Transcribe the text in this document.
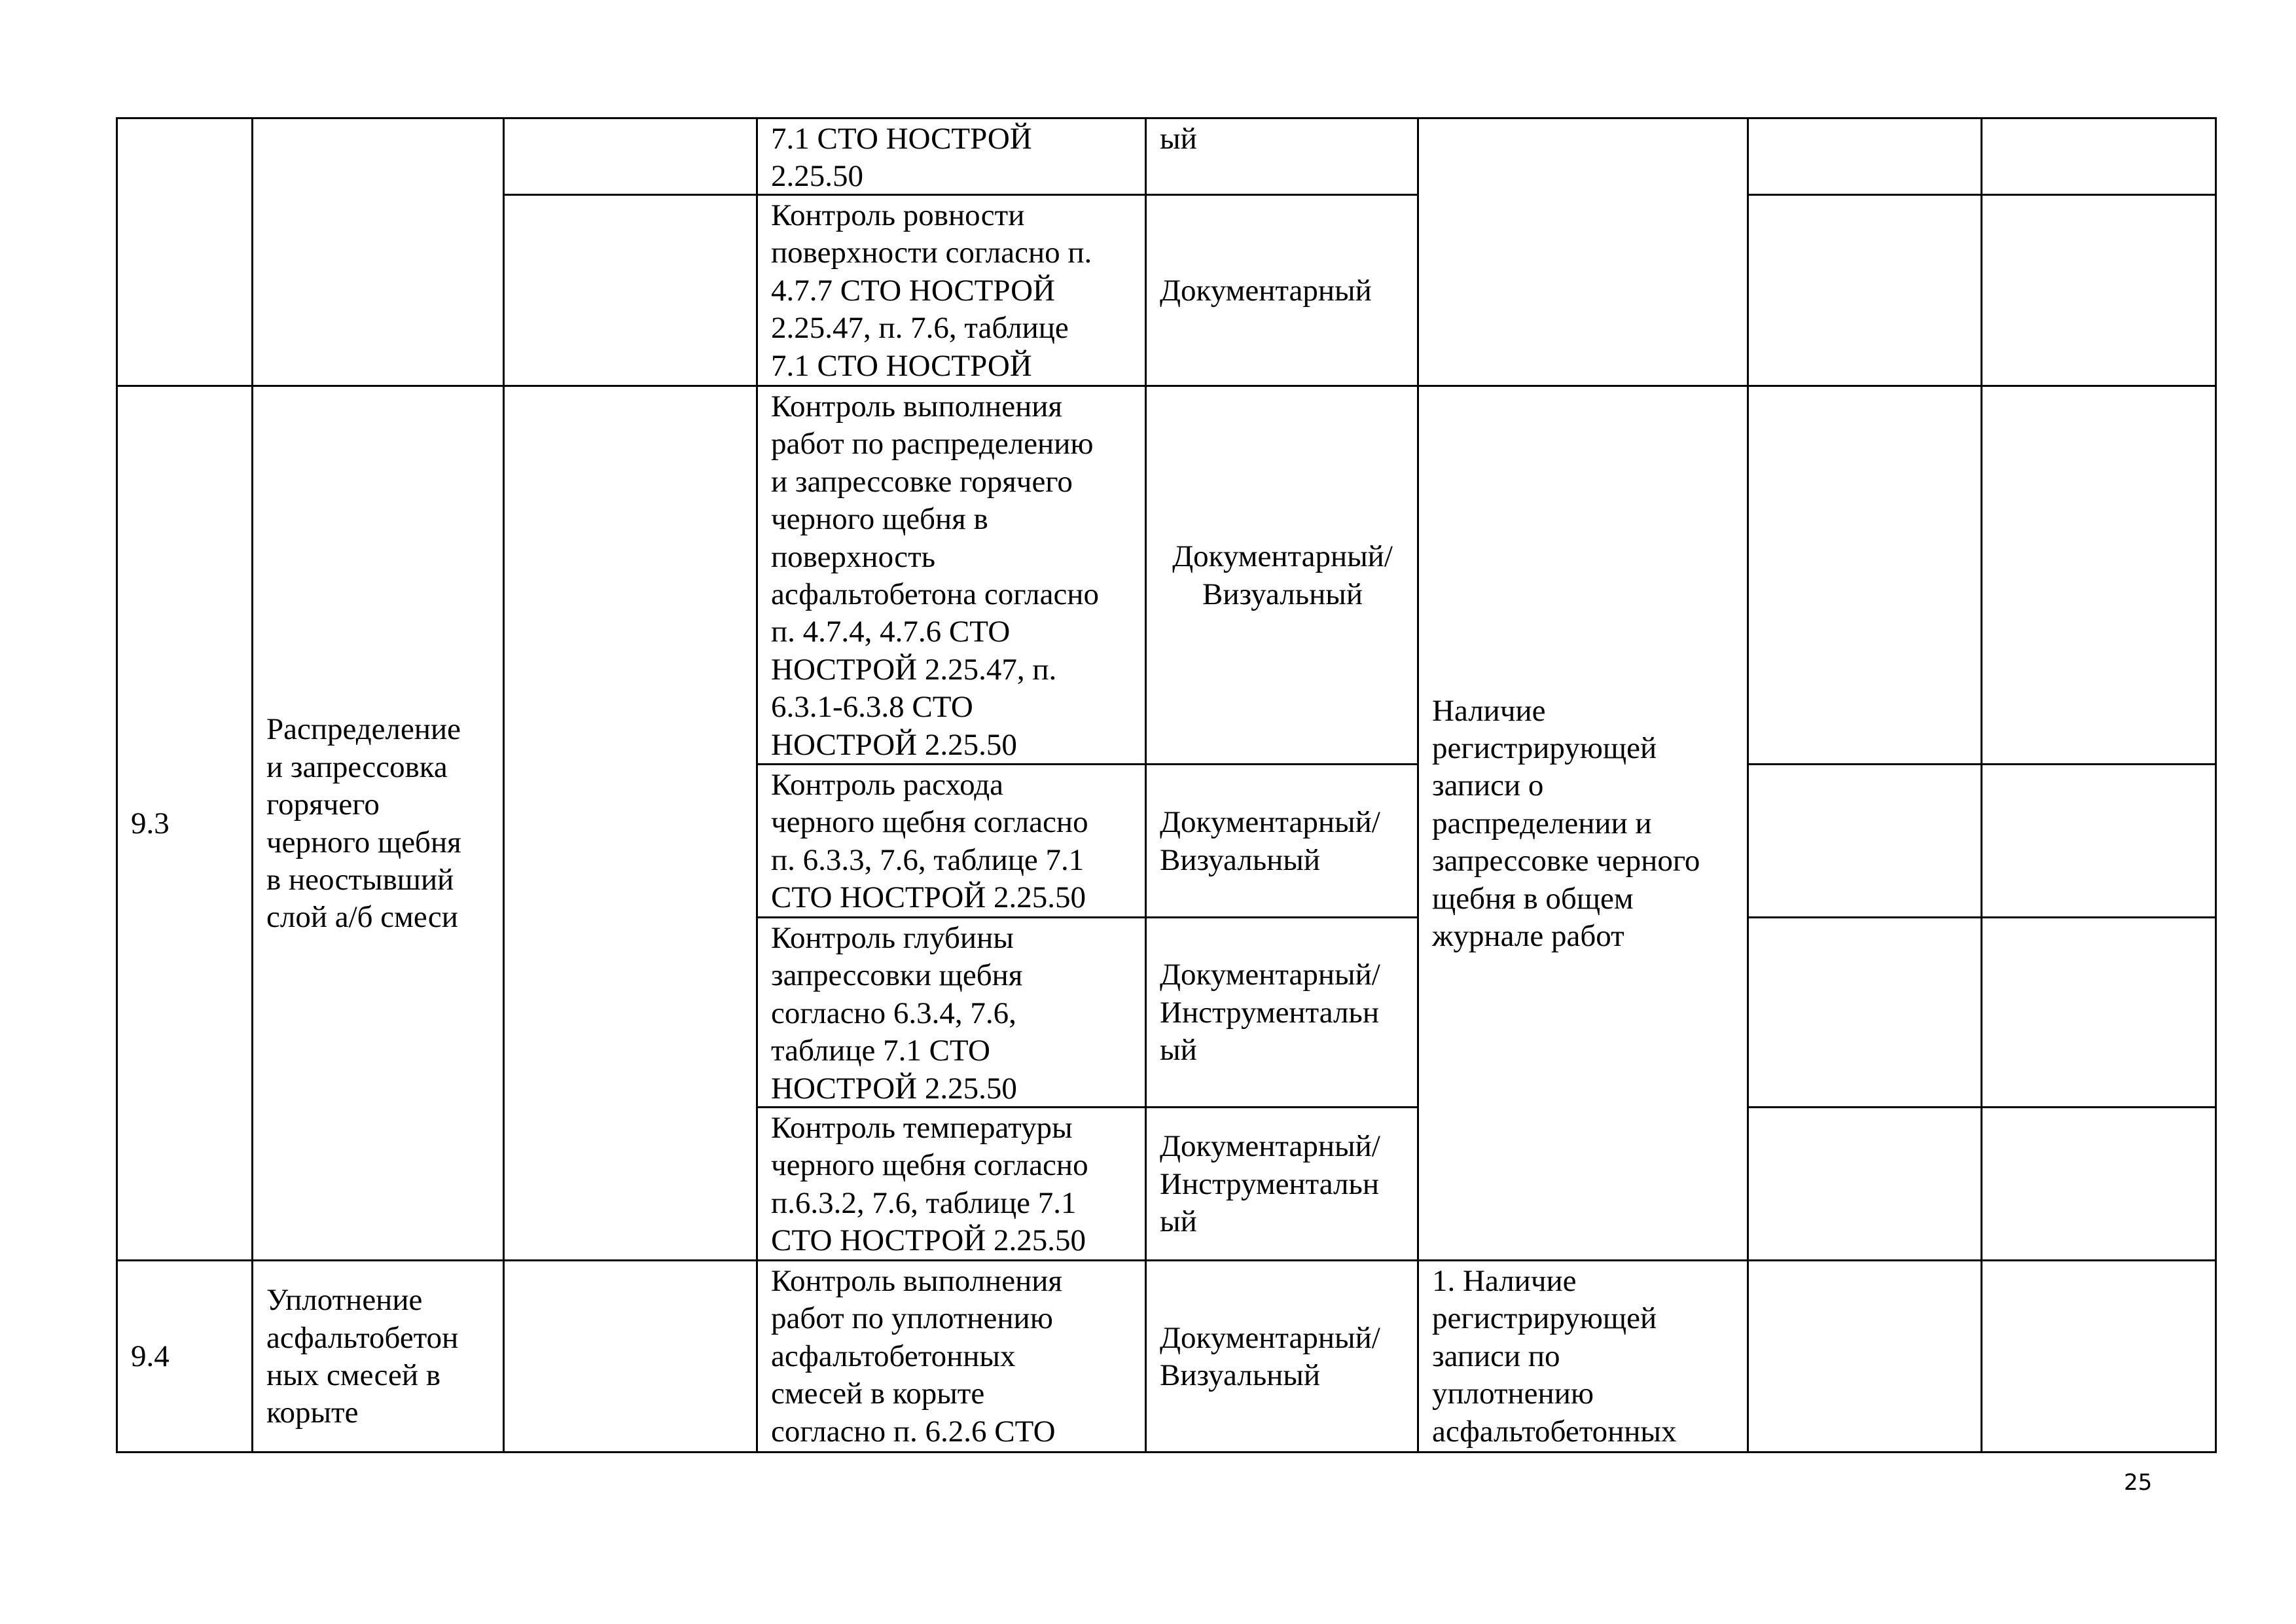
7.1 СТО НОСТРОЙ
2.25.50
Контроль ровности
поверхности согласно п.
4.7.7 СТО НОСТРОЙ
2.25.47, п. 7.6, таблице
7.1 СТО НОСТРОЙ
ый
Документарный
9.3
Распределение
и запрессовка
горячего
черного щебня
в неостывший
слой а/б смеси
Контроль выполнения
работ по распределению
и запрессовке горячего
черного щебня в
поверхность
асфальтобетона согласно
п. 4.7.4, 4.7.6 СТО
НОСТРОЙ 2.25.47, п.
6.3.1-6.3.8 СТО
НОСТРОЙ 2.25.50
Документарный/
Визуальный
Контроль расхода
черного щебня согласно
п. 6.3.3, 7.6, таблице 7.1
СТО НОСТРОЙ 2.25.50
Документарный/
Визуальный
Контроль глубины
запрессовки щебня
согласно 6.3.4, 7.6,
таблице 7.1 СТО
НОСТРОЙ 2.25.50
Документарный/
Инструментальн
ый
Контроль температуры
черного щебня согласно
п.6.3.2, 7.6, таблице 7.1
СТО НОСТРОЙ 2.25.50
Документарный/
Инструментальн
ый
Наличие
регистрирующей
записи о
распределении и
запрессовке черного
щебня в общем
журнале работ
9.4
Уплотнение
асфальтобетон
ных смесей в
корыте
Контроль выполнения
работ по уплотнению
асфальтобетонных
смесей в корыте
согласно п. 6.2.6 СТО
Документарный/
Визуальный
1. Наличие
регистрирующей
записи по
уплотнению
асфальтобетонных
25
